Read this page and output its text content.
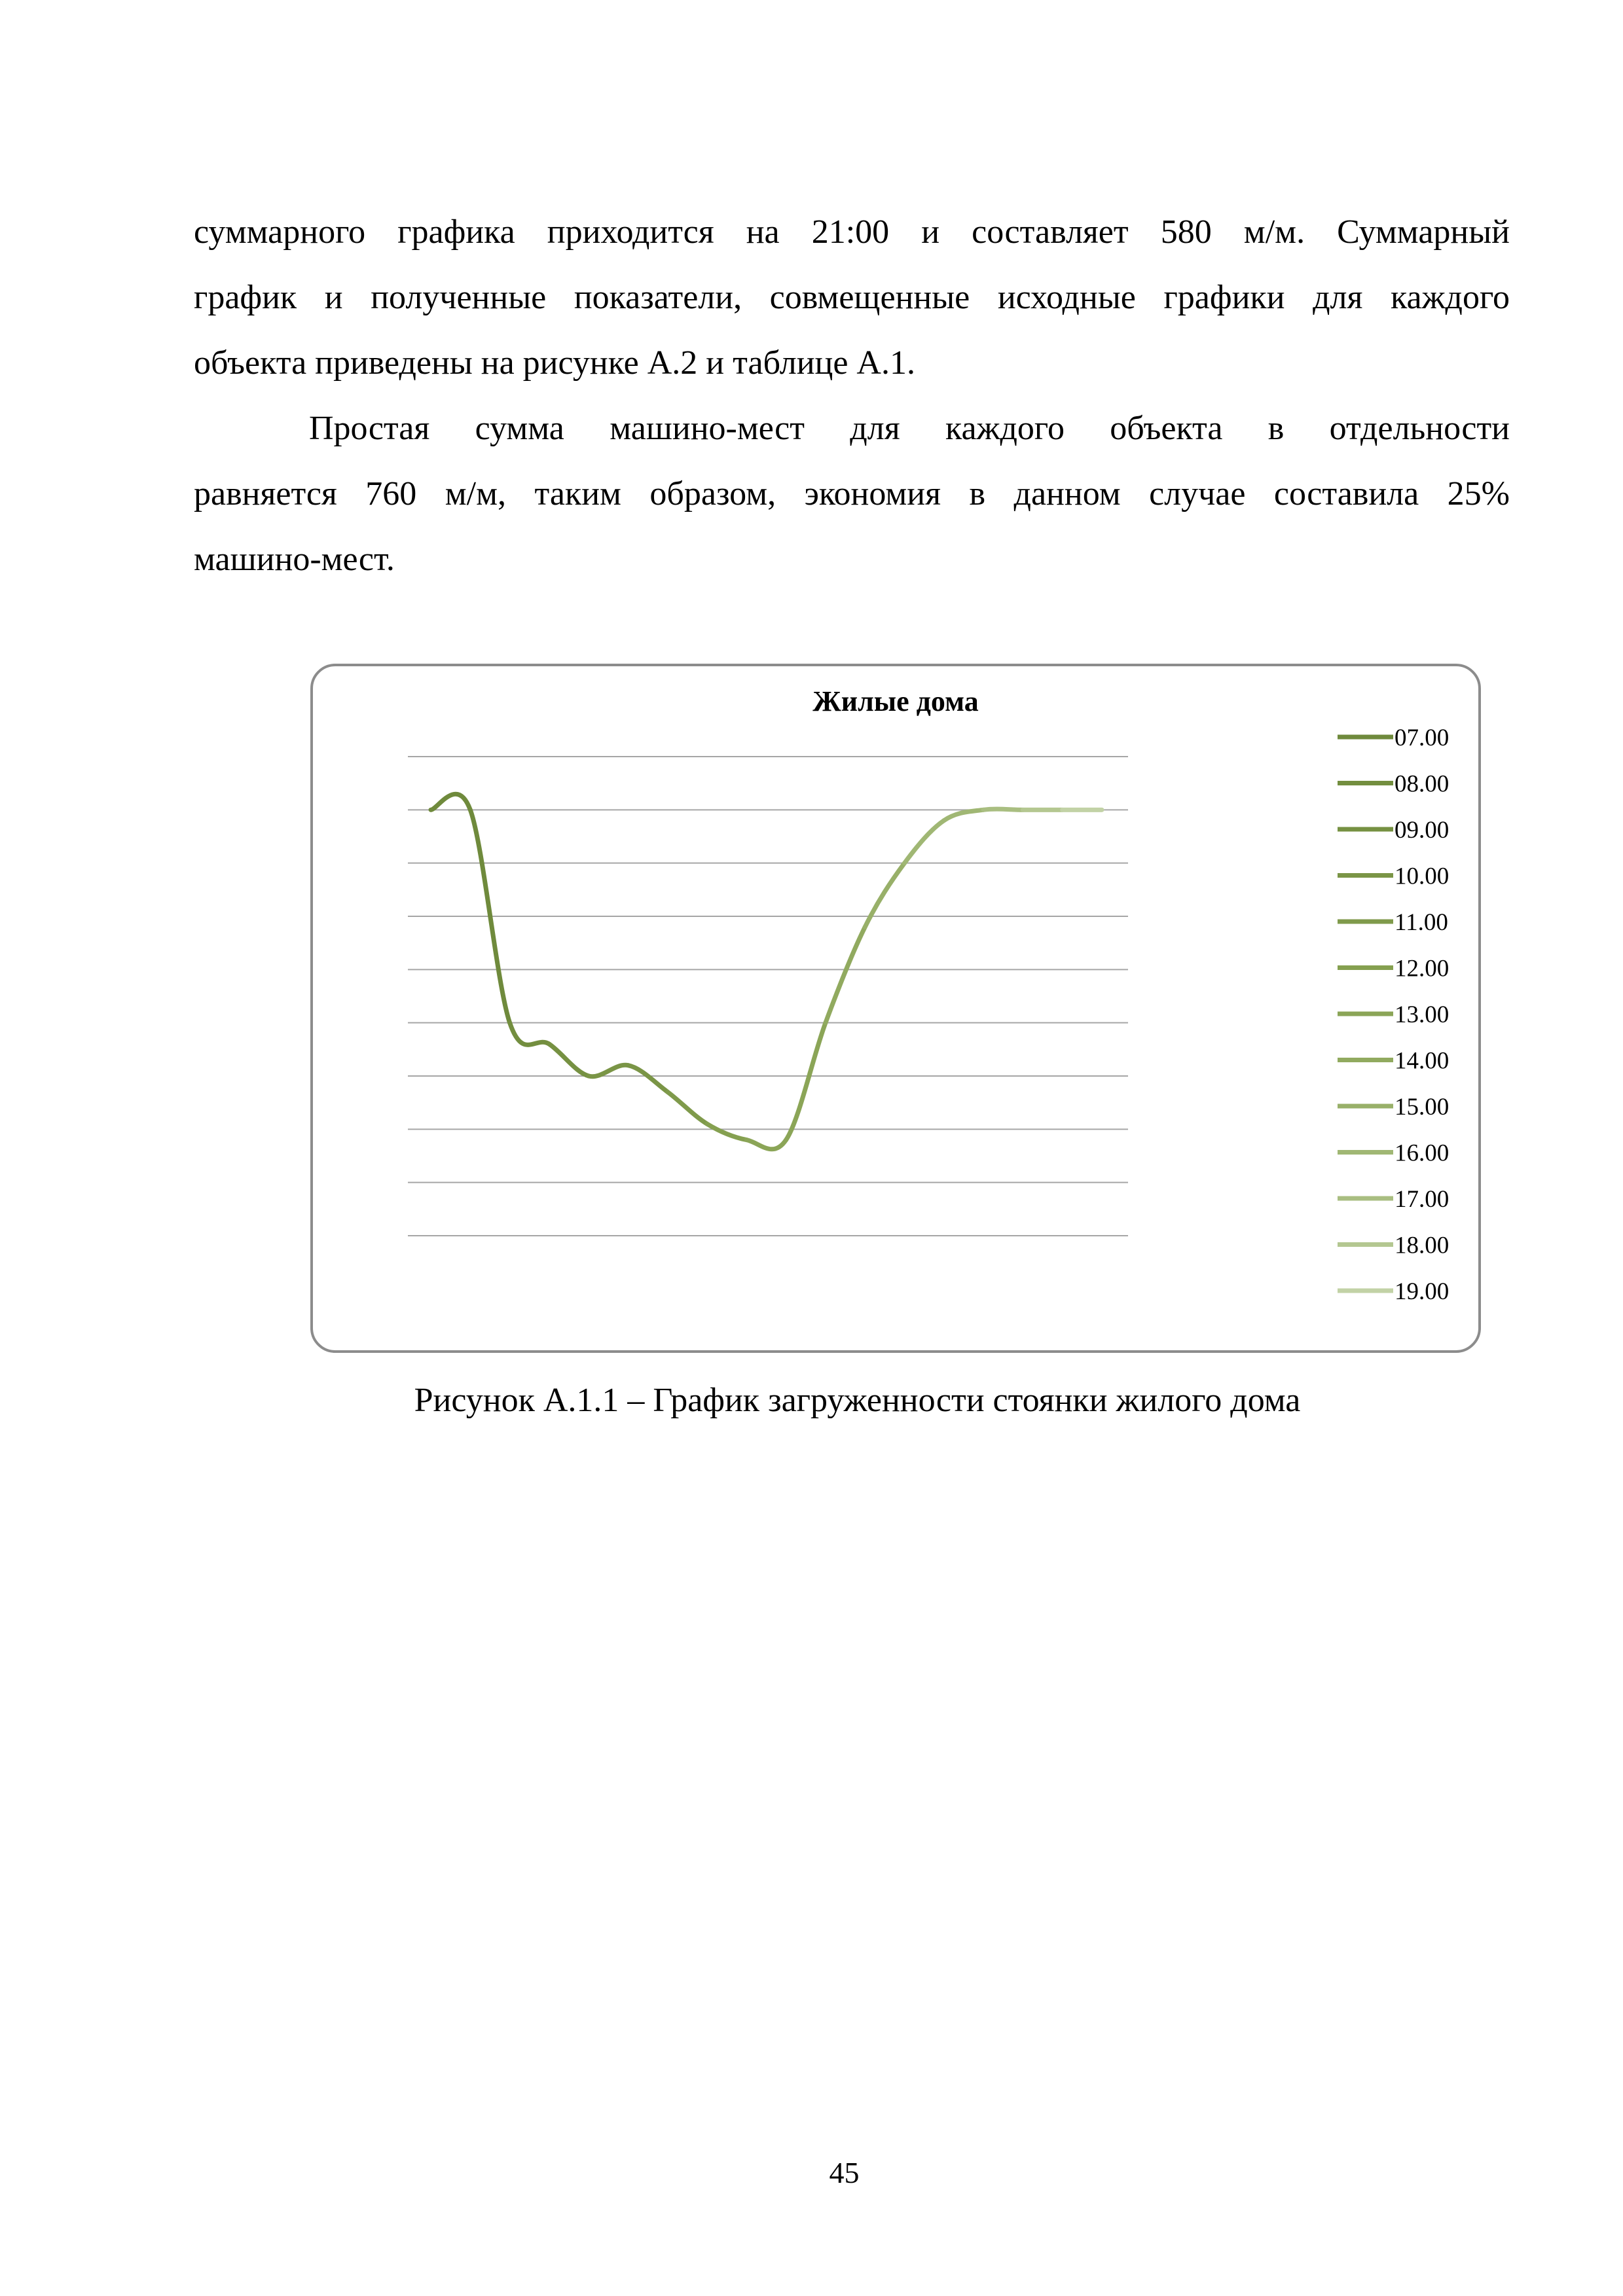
суммарного графика приходится на 21:00 и составляет 580 м/м. Суммарный
график и полученные показатели, совмещенные исходные графики для каждого
объекта приведены на рисунке А.2 и таблице А.1.
Простая сумма машино-мест для каждого объекта в отдельности
равняется 760 м/м, таким образом, экономия в данном случае составила 25%
машино-мест.
Жилые дома
07.00
08.00
09.00
10.00
11.00
12.00
13.00
14.00
15.00
16.00
17.00
18.00
19.00
Рисунок А.1.1 – График загруженности стоянки жилого дома
45
